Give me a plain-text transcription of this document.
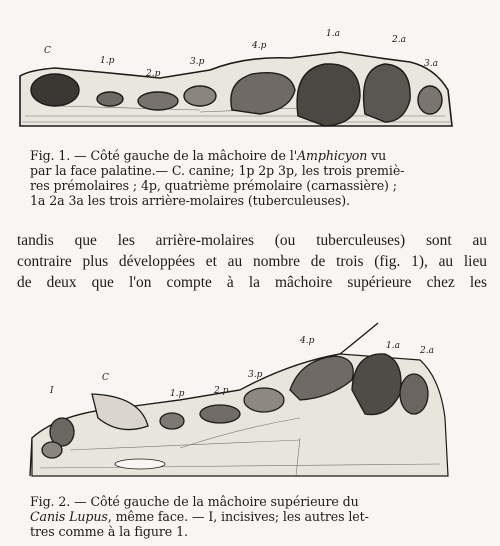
C
1.p
2.p
3.p
4.p
1.a
2.a
3.a
Fig. 1. — Côté gauche de la mâchoire de l'Amphicyon vu
par la face palatine.— C. canine; 1p 2p 3p, les trois premiè-
res prémolaires ; 4p, quatrième prémolaire (carnassière) ;
1a 2a 3a les trois arrière-molaires (tuberculeuses).
tandis que les arrière-molaires (ou tuberculeuses) sont au
contraire plus développées et au nombre de trois (fig. 1), au lieu
de deux que l'on compte à la mâchoire supérieure chez les
I
C
1.p	2.p
3.p
4.p	1.a 2.a
Fig. 2. — Côté gauche de la mâchoire supérieure du
Canis Lupus, même face. — I, incisives; les autres let-
tres comme à la figure 1.
